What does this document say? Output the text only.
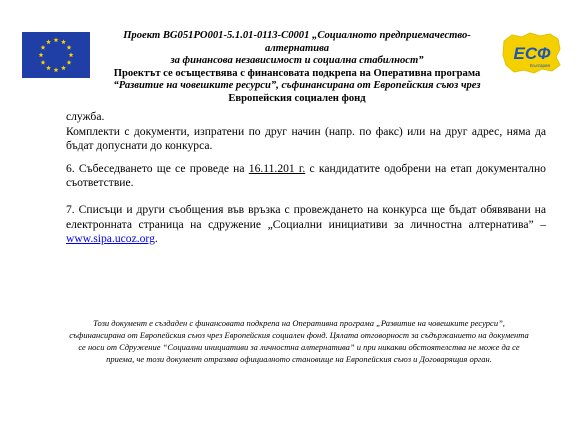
ЕСФ
България
Проект BG051PO001-5.1.01-0113-C0001 „Социалното предприемачество- алтернатива
за финансова независимост и социална стабилност”
Проектът се осъществява с финансовата подкрепа на Оперативна програма
“Развитие на човешките ресурси”, съфинансирана от Европейския съюз чрез
Европейския социален фонд

служба.

Комплекти с документи, изпратени по друг начин (напр. по факс) или на друг адрес, няма да бъдат допуснати до конкурса.

6. Събеседването ще се проведе на 16.11.201 г. с кандидатите одобрени на етап документално съответствие.

7. Списъци и други съобщения във връзка с провеждането на конкурса ще бъдат обявявани на електронната страница на сдружение „Социални инициативи за личностна алтернатива” – www.sipa.ucoz.org.

Този документ е създаден с финансовата подкрепа на Оперативна програма „Развитие на човешките ресурси”, съфинансирана от Европейския съюз чрез Европейския социален фонд. Цялата отговорност за съдържанието на документа се носи от Сдружение “Социални инициативи за личностна алтернатива” и при никакви обстоятелства не може да се приема, че този документ отразява официалното становище на Европейския съюз и Договарящия орган.
